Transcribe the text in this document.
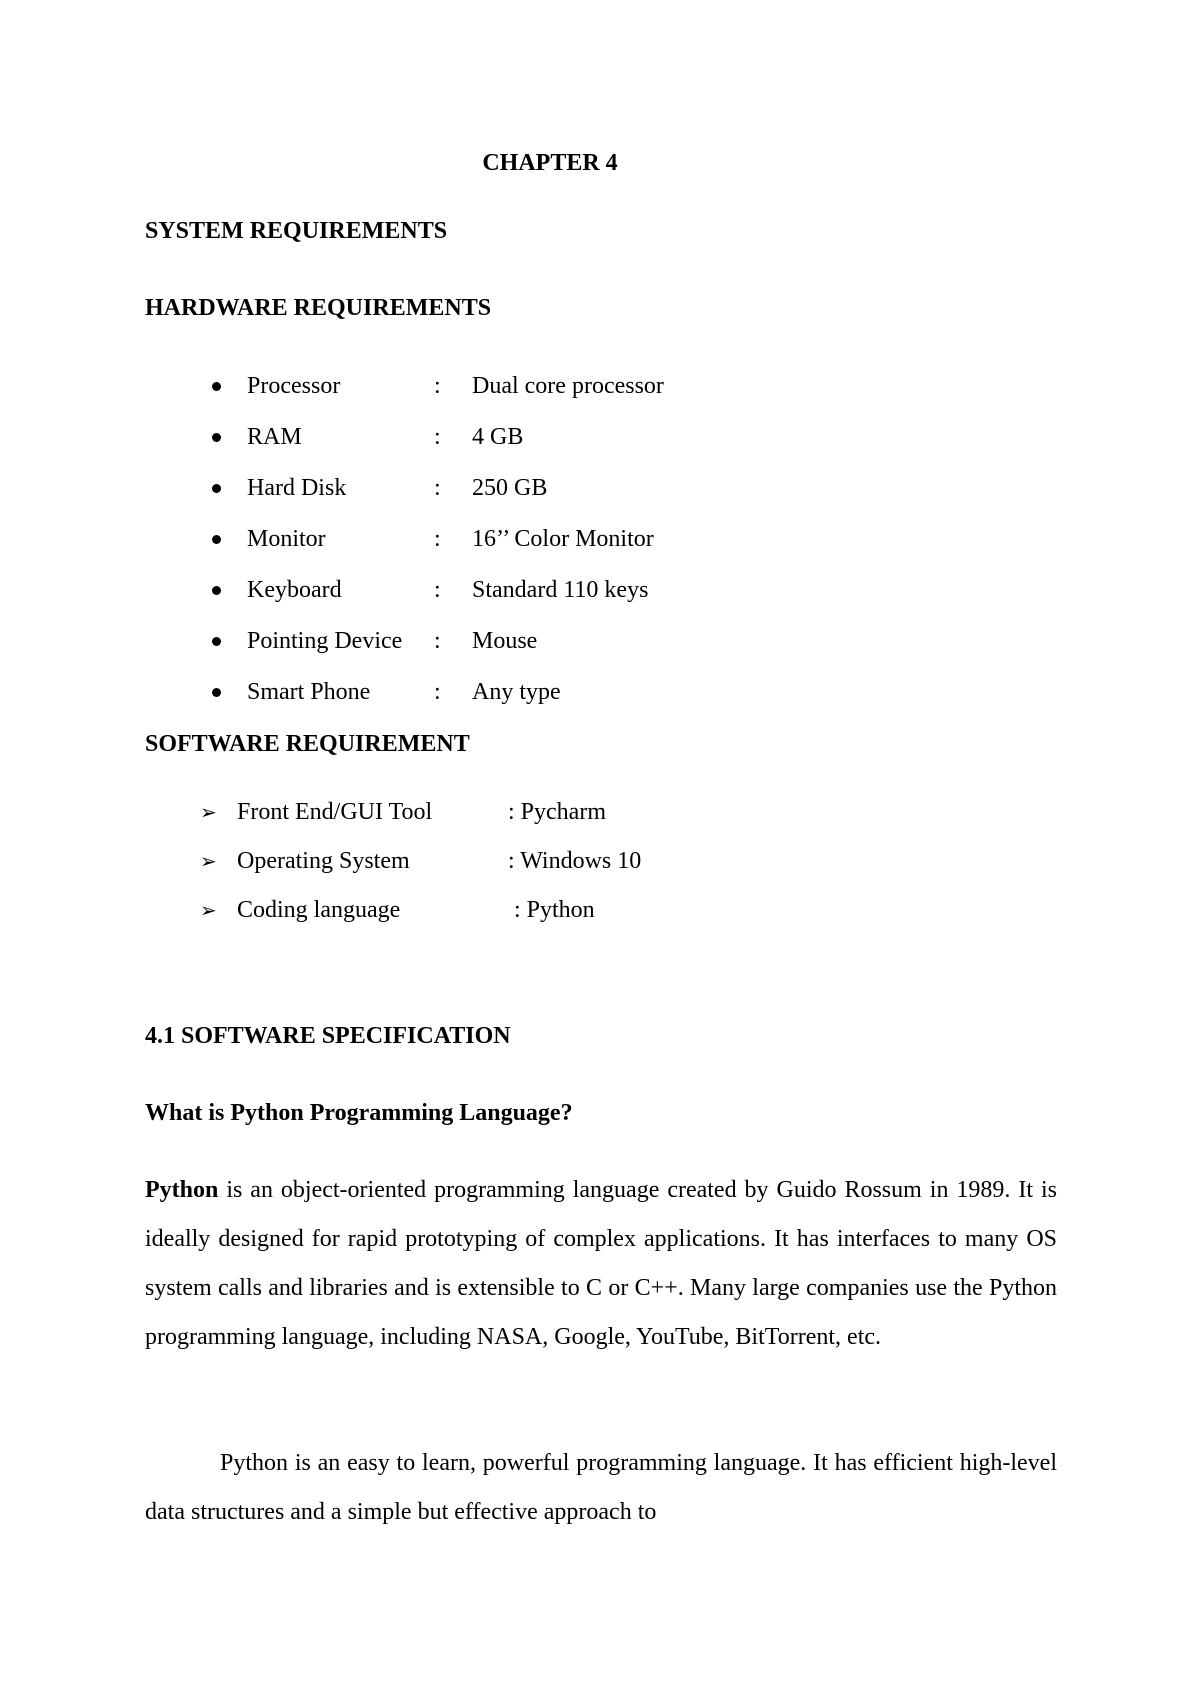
CHAPTER 4
SYSTEM REQUIREMENTS
HARDWARE REQUIREMENTS
Processor	: Dual core processor
RAM	: 4 GB
Hard Disk	: 250 GB
Monitor	: 16’’ Color Monitor
Keyboard	: Standard 110 keys
Pointing Device : Mouse
Smart Phone	: Any type
SOFTWARE REQUIREMENT
➢ Front End/GUI Tool	: Pycharm
➢ Operating System	: Windows 10
➢ Coding language	: Python
4.1 SOFTWARE SPECIFICATION
What is Python Programming Language?

Python is an object-oriented programming language created by Guido Rossum in 1989. It is ideally designed for rapid prototyping of complex applications. It has interfaces to many OS system calls and libraries and is extensible to C or C++. Many large companies use the Python programming language, including NASA, Google, YouTube, BitTorrent, etc.

Python is an easy to learn, powerful programming language. It has efficient high-level data structures and a simple but effective approach to
